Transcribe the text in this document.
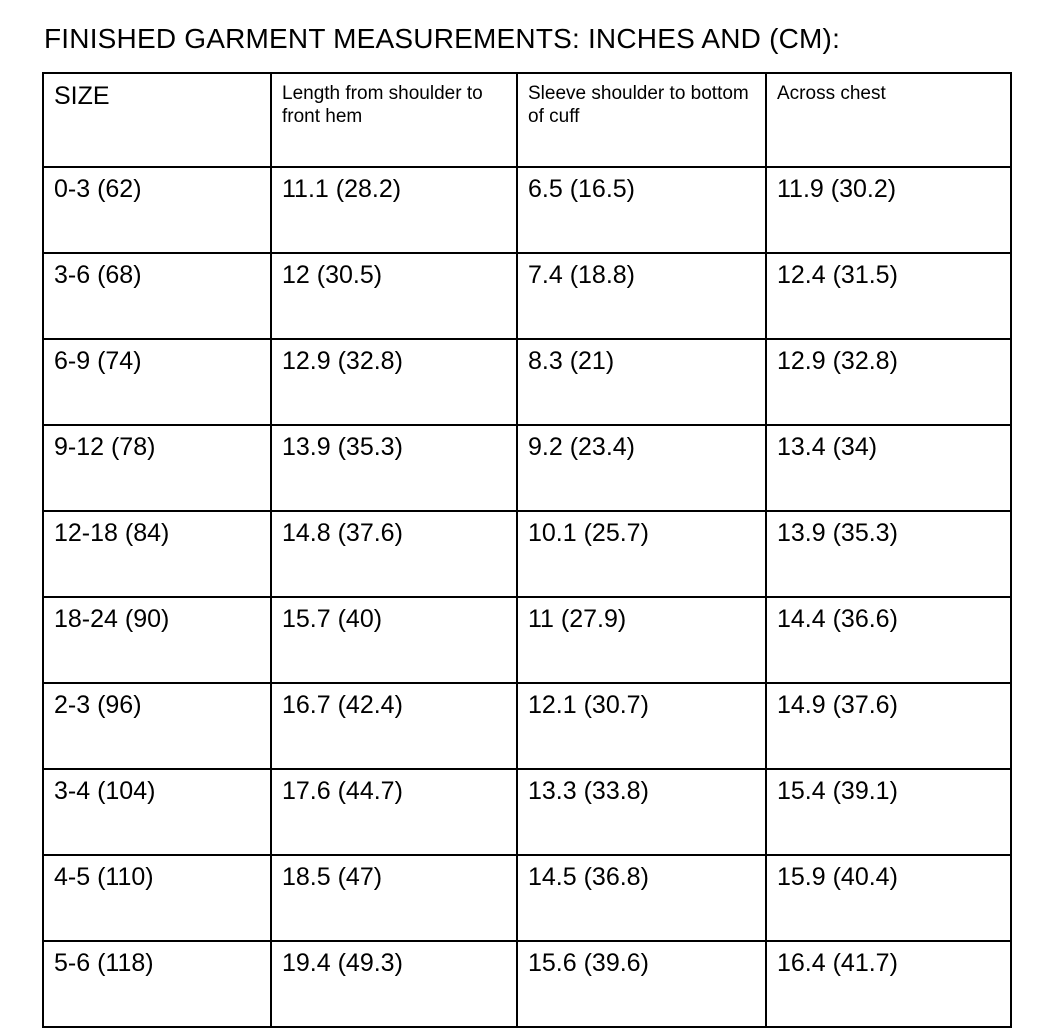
FINISHED GARMENT MEASUREMENTS: INCHES AND (CM):
SIZE	Length from shoulder to front hem	Sleeve shoulder to bottom of cuff	Across chest
0-3 (62)	11.1 (28.2)	6.5 (16.5)	11.9 (30.2)
3-6 (68)	12 (30.5)	7.4 (18.8)	12.4 (31.5)
6-9 (74)	12.9 (32.8)	8.3 (21)	12.9 (32.8)
9-12 (78)	13.9 (35.3)	9.2 (23.4)	13.4 (34)
12-18 (84)	14.8 (37.6)	10.1 (25.7)	13.9 (35.3)
18-24 (90)	15.7 (40)	11 (27.9)	14.4 (36.6)
2-3 (96)	16.7 (42.4)	12.1 (30.7)	14.9 (37.6)
3-4 (104)	17.6 (44.7)	13.3 (33.8)	15.4 (39.1)
4-5 (110)	18.5 (47)	14.5 (36.8)	15.9 (40.4)
5-6 (118)	19.4 (49.3)	15.6 (39.6)	16.4 (41.7)
